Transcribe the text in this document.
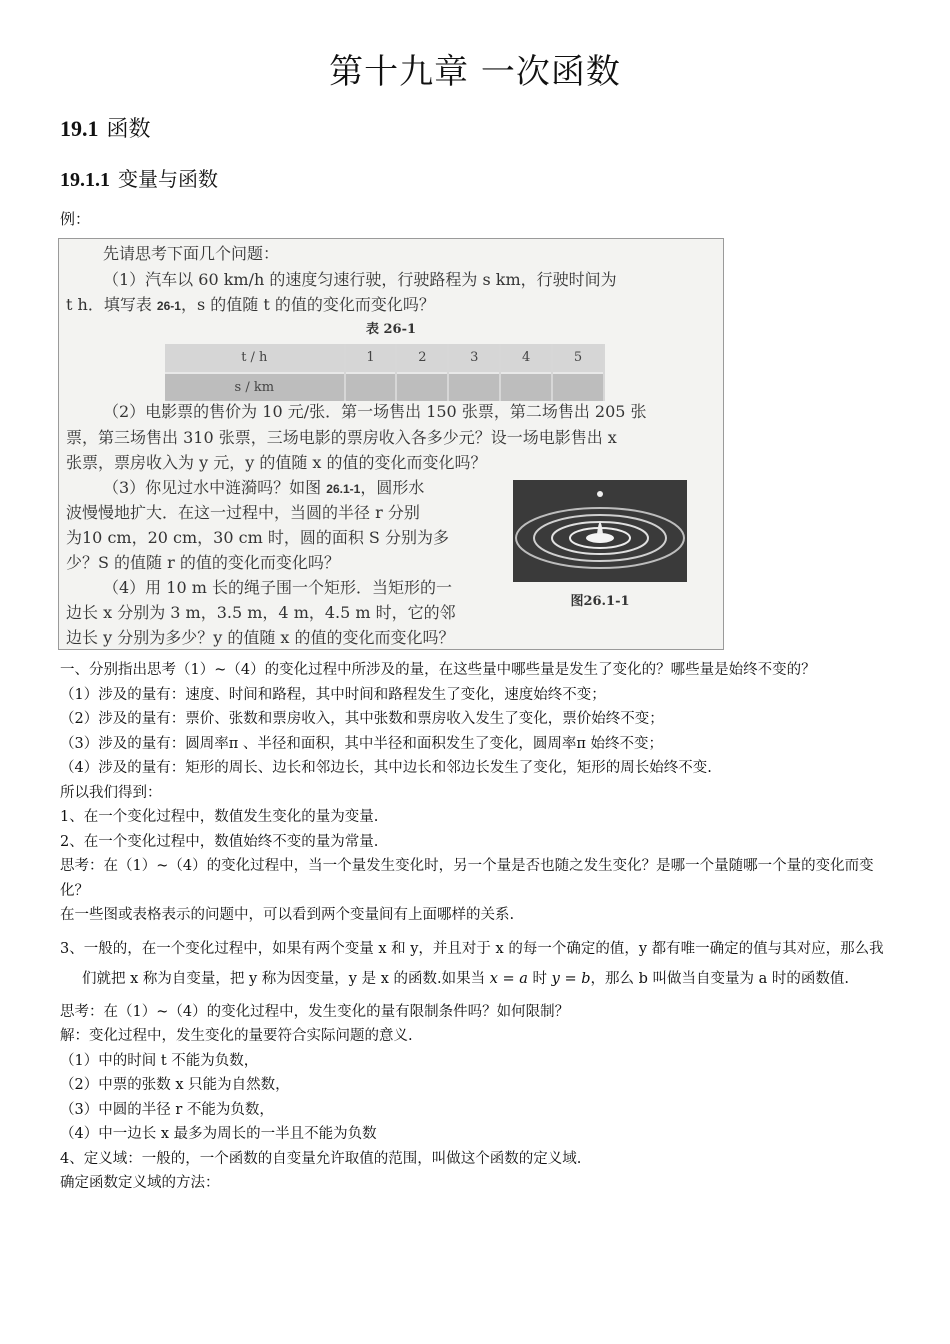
第十九章 一次函数
19.1 函数
19.1.1 变量与函数
例：
先请思考下面几个问题：
（1）汽车以 60 km/h 的速度匀速行驶，行驶路程为 s km，行驶时间为
t h．填写表 26-1，s 的值随 t 的值的变化而变化吗？
表 26-1
t / h	1	2	3	4	5
s / km					
（2）电影票的售价为 10 元/张．第一场售出 150 张票，第二场售出 205 张
票，第三场售出 310 张票，三场电影的票房收入各多少元？设一场电影售出 x
张票，票房收入为 y 元，y 的值随 x 的值的变化而变化吗？
（3）你见过水中涟漪吗？如图 26.1-1，圆形水
波慢慢地扩大．在这一过程中，当圆的半径 r 分别
为10 cm，20 cm，30 cm 时，圆的面积 S 分别为多
少？S 的值随 r 的值的变化而变化吗？
（4）用 10 m 长的绳子围一个矩形．当矩形的一
边长 x 分别为 3 m，3.5 m，4 m，4.5 m 时，它的邻
边长 y 分别为多少？y 的值随 x 的值的变化而变化吗？
图26.1-1

一、分别指出思考（1）~（4）的变化过程中所涉及的量，在这些量中哪些量是发生了变化的？哪些量是始终不变的？

（1）涉及的量有：速度、时间和路程，其中时间和路程发生了变化，速度始终不变；

（2）涉及的量有：票价、张数和票房收入，其中张数和票房收入发生了变化，票价始终不变；

（3）涉及的量有：圆周率π 、半径和面积，其中半径和面积发生了变化，圆周率π 始终不变；

（4）涉及的量有：矩形的周长、边长和邻边长，其中边长和邻边长发生了变化，矩形的周长始终不变.

所以我们得到：

1、在一个变化过程中，数值发生变化的量为变量.

2、在一个变化过程中，数值始终不变的量为常量.

思考：在（1）~（4）的变化过程中，当一个量发生变化时，另一个量是否也随之发生变化？是哪一个量随哪一个量的变化而变化？

在一些图或表格表示的问题中，可以看到两个变量间有上面哪样的关系.

3、一般的，在一个变化过程中，如果有两个变量 x 和 y，并且对于 x 的每一个确定的值，y 都有唯一确定的值与其对应，那么我们就把 x 称为自变量，把 y 称为因变量，y 是 x 的函数.如果当 x = a 时 y = b，那么 b 叫做当自变量为 a 时的函数值.

思考：在（1）~（4）的变化过程中，发生变化的量有限制条件吗？如何限制？

解：变化过程中，发生变化的量要符合实际问题的意义.

（1）中的时间 t 不能为负数，

（2）中票的张数 x 只能为自然数，

（3）中圆的半径 r 不能为负数，

（4）中一边长 x 最多为周长的一半且不能为负数

4、定义域：一般的，一个函数的自变量允许取值的范围，叫做这个函数的定义域.

确定函数定义域的方法：
